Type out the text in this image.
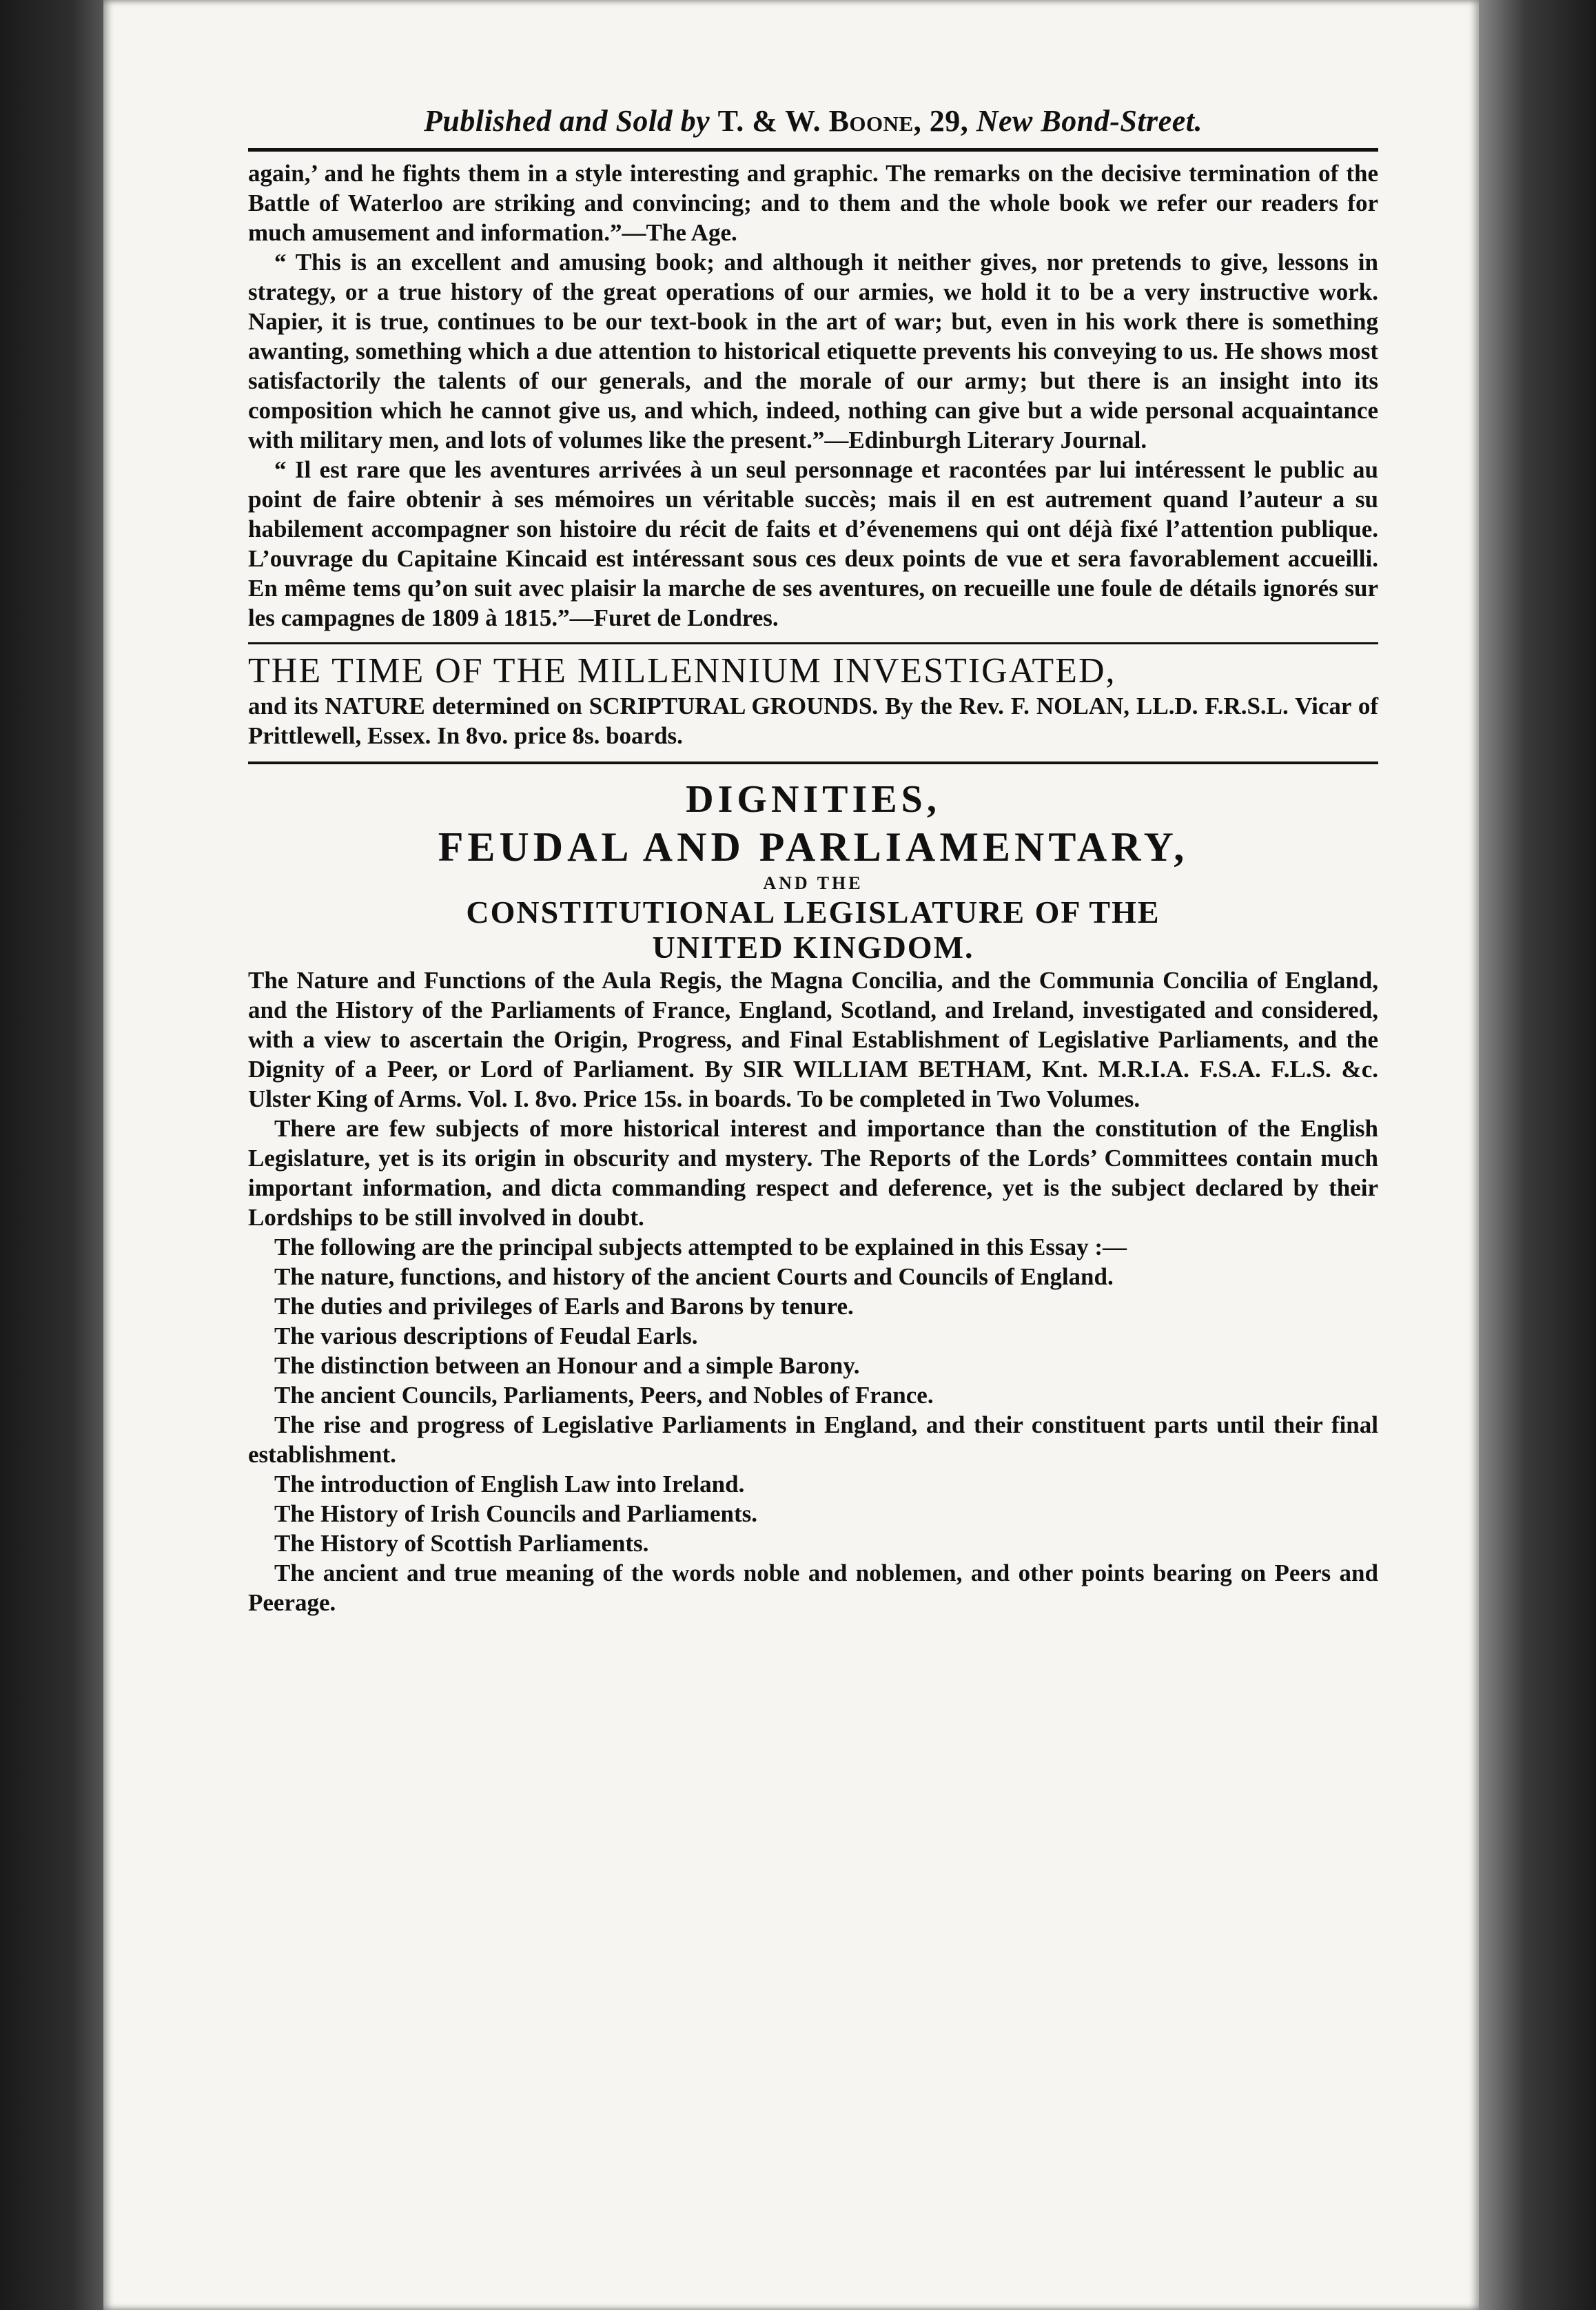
Published and Sold by T. & W. Boone, 29, New Bond-Street.

again,’ and he fights them in a style interesting and graphic. The remarks on the decisive termination of the Battle of Waterloo are striking and convincing; and to them and the whole book we refer our readers for much amusement and information.”—The Age.

“ This is an excellent and amusing book; and although it neither gives, nor pretends to give, lessons in strategy, or a true history of the great operations of our armies, we hold it to be a very instructive work. Napier, it is true, continues to be our text-book in the art of war; but, even in his work there is something awanting, something which a due attention to historical etiquette prevents his conveying to us. He shows most satisfactorily the talents of our generals, and the morale of our army; but there is an insight into its composition which he cannot give us, and which, indeed, nothing can give but a wide personal acquaintance with military men, and lots of volumes like the present.”—Edinburgh Literary Journal.

“ Il est rare que les aventures arrivées à un seul personnage et racontées par lui intéressent le public au point de faire obtenir à ses mémoires un véritable succès; mais il en est autrement quand l’auteur a su habilement accompagner son histoire du récit de faits et d’évenemens qui ont déjà fixé l’attention publique. L’ouvrage du Capitaine Kincaid est intéressant sous ces deux points de vue et sera favorablement accueilli. En même tems qu’on suit avec plaisir la marche de ses aventures, on recueille une foule de détails ignorés sur les campagnes de 1809 à 1815.”—Furet de Londres.

THE TIME OF THE MILLENNIUM INVESTIGATED,

and its NATURE determined on SCRIPTURAL GROUNDS. By the Rev. F. NOLAN, LL.D. F.R.S.L. Vicar of Prittlewell, Essex. In 8vo. price 8s. boards.

DIGNITIES,
FEUDAL AND PARLIAMENTARY,
AND THE
CONSTITUTIONAL LEGISLATURE OF THE
UNITED KINGDOM.

The Nature and Functions of the Aula Regis, the Magna Concilia, and the Communia Concilia of England, and the History of the Parliaments of France, England, Scotland, and Ireland, investigated and considered, with a view to ascertain the Origin, Progress, and Final Establishment of Legislative Parliaments, and the Dignity of a Peer, or Lord of Parliament. By SIR WILLIAM BETHAM, Knt. M.R.I.A. F.S.A. F.L.S. &c. Ulster King of Arms. Vol. I. 8vo. Price 15s. in boards. To be completed in Two Volumes.

There are few subjects of more historical interest and importance than the constitution of the English Legislature, yet is its origin in obscurity and mystery. The Reports of the Lords’ Committees contain much important information, and dicta commanding respect and deference, yet is the subject declared by their Lordships to be still involved in doubt.

The following are the principal subjects attempted to be explained in this Essay :—

The nature, functions, and history of the ancient Courts and Councils of England.

The duties and privileges of Earls and Barons by tenure.

The various descriptions of Feudal Earls.

The distinction between an Honour and a simple Barony.

The ancient Councils, Parliaments, Peers, and Nobles of France.

The rise and progress of Legislative Parliaments in England, and their constituent parts until their final establishment.

The introduction of English Law into Ireland.

The History of Irish Councils and Parliaments.

The History of Scottish Parliaments.

The ancient and true meaning of the words noble and noblemen, and other points bearing on Peers and Peerage.
